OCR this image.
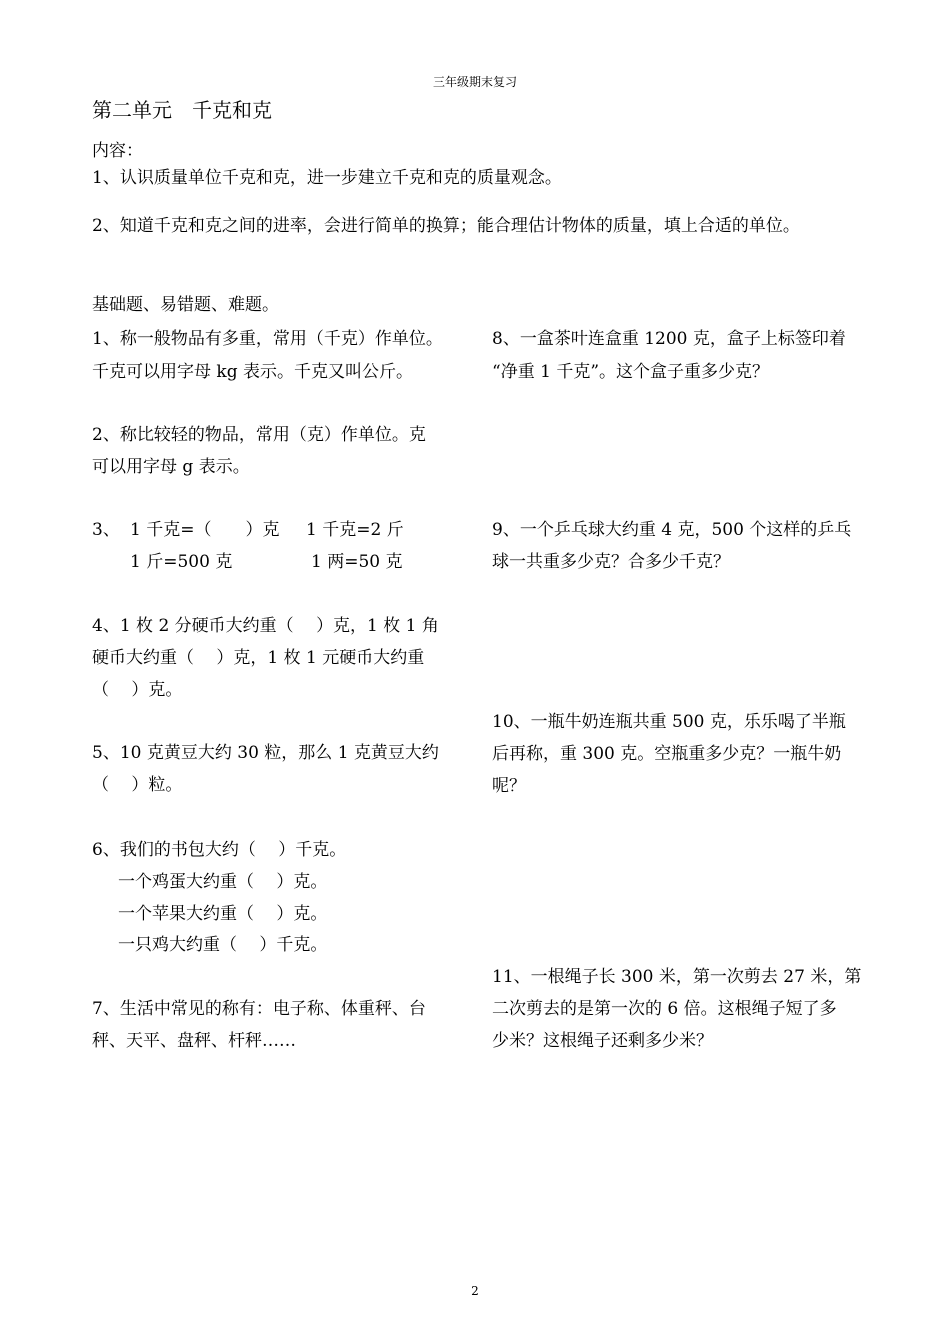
三年级期末复习
第二单元　千克和克
内容：
1、认识质量单位千克和克，进一步建立千克和克的质量观念。
2、知道千克和克之间的进率，会进行简单的换算；能合理估计物体的质量，填上合适的单位。
基础题、易错题、难题。
1、称一般物品有多重，常用（千克）作单位。
千克可以用字母 kg 表示。千克又叫公斤。
2、称比较轻的物品，常用（克）作单位。克
可以用字母 g 表示。
3、 1 千克=（　　）克 1 千克=2 斤
1 斤=500 克	1 两=50 克
4、1 枚 2 分硬币大约重（　 ）克，1 枚 1 角
硬币大约重（　 ）克，1 枚 1 元硬币大约重
（　 ）克。
5、10 克黄豆大约 30 粒，那么 1 克黄豆大约
（　 ）粒。
6、我们的书包大约（　 ）千克。
一个鸡蛋大约重（　 ）克。
一个苹果大约重（　 ）克。
一只鸡大约重（　 ）千克。
7、生活中常见的称有：电子称、体重秤、台
秤、天平、盘秤、杆秤……
8、一盒茶叶连盒重 1200 克，盒子上标签印着
“净重 1 千克”。这个盒子重多少克？
9、一个乒乓球大约重 4 克，500 个这样的乒乓
球一共重多少克？合多少千克？
10、一瓶牛奶连瓶共重 500 克，乐乐喝了半瓶
后再称，重 300 克。空瓶重多少克？一瓶牛奶
呢？
11、一根绳子长 300 米，第一次剪去 27 米，第
二次剪去的是第一次的 6 倍。这根绳子短了多
少米？这根绳子还剩多少米？
2
